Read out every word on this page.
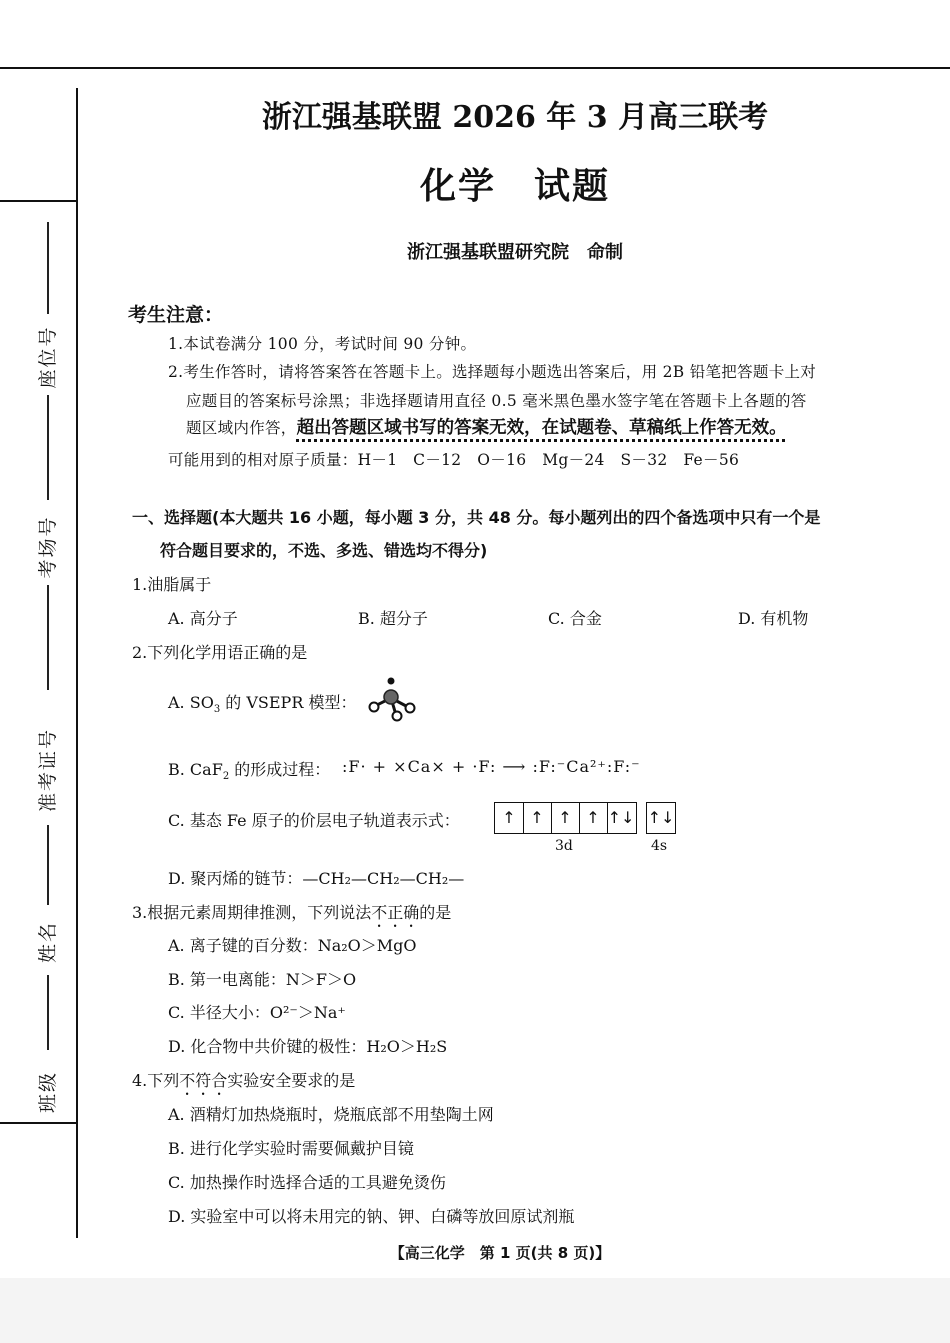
座位号
考场号
准考证号
姓名
班级
浙江强基联盟 2026 年 3 月高三联考
化学　试题
浙江强基联盟研究院　命制
考生注意：
1.本试卷满分 100 分，考试时间 90 分钟。
2.考生作答时，请将答案答在答题卡上。选择题每小题选出答案后，用 2B 铅笔把答题卡上对
应题目的答案标号涂黑；非选择题请用直径 0.5 毫米黑色墨水签字笔在答题卡上各题的答
题区域内作答，超出答题区域书写的答案无效，在试题卷、草稿纸上作答无效。
可能用到的相对原子质量：H－1　C－12　O－16　Mg－24　S－32　Fe－56
一、选择题(本大题共 16 小题，每小题 3 分，共 48 分。每小题列出的四个备选项中只有一个是
符合题目要求的，不选、多选、错选均不得分)
1.油脂属于
A. 高分子	B. 超分子	C. 合金	D. 有机物
2.下列化学用语正确的是
A. $SO_3$ 的 VSEPR 模型：
B. CaF$_2$ 的形成过程： :F· + ×Ca× + ·F: ⟶ :F:⁻Ca²⁺:F:⁻
C. 基态 Fe 原子的价层电子轨道表示式：	↑ ↑ ↑ ↑ ↑↓ ↑↓
3d	4s
D. 聚丙烯的链节：—CH₂—CH₂—CH₂—
3.根据元素周期律推测，下列说法不正确的是
A. 离子键的百分数：Na₂O＞MgO
B. 第一电离能：N＞F＞O
C. 半径大小：O²⁻＞Na⁺
D. 化合物中共价键的极性：H₂O＞H₂S
4.下列不符合实验安全要求的是
A. 酒精灯加热烧瓶时，烧瓶底部不用垫陶土网
B. 进行化学实验时需要佩戴护目镜
C. 加热操作时选择合适的工具避免烫伤
D. 实验室中可以将未用完的钠、钾、白磷等放回原试剂瓶
【高三化学　第 1 页(共 8 页)】
